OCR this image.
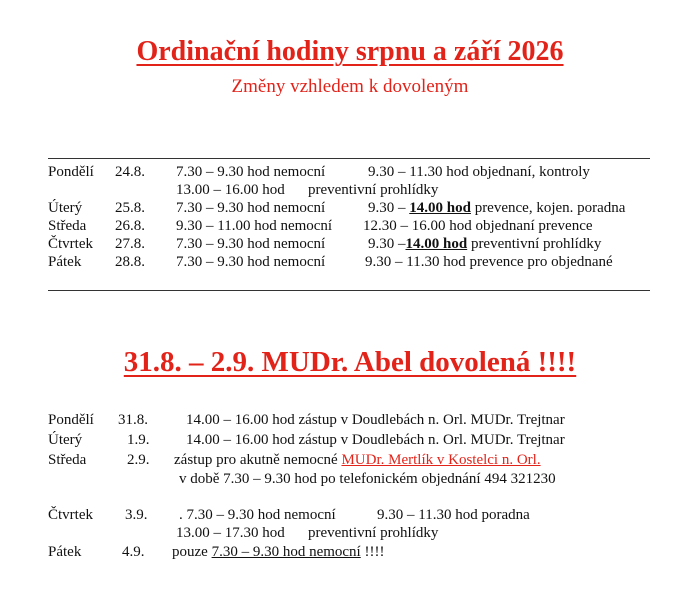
Ordinační hodiny srpnu a září 2026
Změny vzhledem k dovoleným
Pondělí 24.8. 7.30 – 9.30 hod nemocní	9.30 – 11.30 hod objednaní, kontroly
13.00 – 16.00 hod preventivní prohlídky
Úterý 25.8. 7.30 – 9.30 hod nemocní	9.30 – 14.00 hod prevence, kojen. poradna
Středa 26.8. 9.30 – 11.00 hod nemocní 12.30 – 16.00 hod objednaní prevence
Čtvrtek 27.8. 7.30 – 9.30 hod nemocní	9.30 –14.00 hod preventivní prohlídky
Pátek 28.8. 7.30 – 9.30 hod nemocní	9.30 – 11.30 hod prevence pro objednané
31.8. – 2.9. MUDr. Abel dovolená !!!!
Pondělí 31.8.	14.00 – 16.00 hod zástup v Doudlebách n. Orl. MUDr. Trejtnar
Úterý	1.9. 14.00 – 16.00 hod zástup v Doudlebách n. Orl. MUDr. Trejtnar
Středa	2.9. zástup pro akutně nemocné MUDr. Mertlík v Kostelci n. Orl.
v době 7.30 – 9.30 hod po telefonickém objednání 494 321230
Čtvrtek 3.9. . 7.30 – 9.30 hod nemocní	9.30 – 11.30 hod poradna
13.00 – 17.30 hod preventivní prohlídky
Pátek	4.9. pouze 7.30 – 9.30 hod nemocní !!!!
